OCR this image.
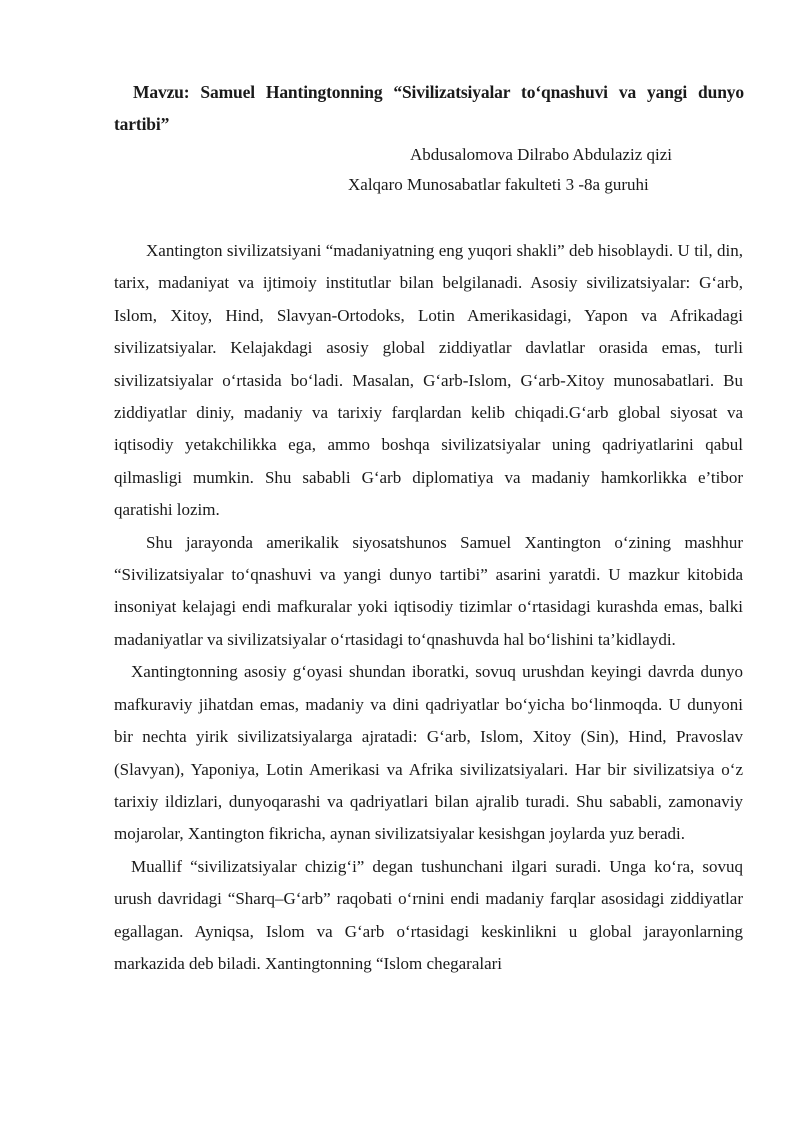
Mavzu: Samuel Hantingtonning “Sivilizatsiyalar to‘qnashuvi va yangi dunyo tartibi”
Abdusalomova Dilrabo Abdulaziz qizi
Xalqaro Munosabatlar fakulteti 3 -8a guruhi

Xantington sivilizatsiyani “madaniyatning eng yuqori shakli” deb hisoblaydi. U til, din, tarix, madaniyat va ijtimoiy institutlar bilan belgilanadi. Asosiy sivilizatsiyalar: G‘arb, Islom, Xitoy, Hind, Slavyan-Ortodoks, Lotin Amerikasidagi, Yapon va Afrikadagi sivilizatsiyalar. Kelajakdagi asosiy global ziddiyatlar davlatlar orasida emas, turli sivilizatsiyalar o‘rtasida bo‘ladi. Masalan, G‘arb-Islom, G‘arb-Xitoy munosabatlari. Bu ziddiyatlar diniy, madaniy va tarixiy farqlardan kelib chiqadi.G‘arb global siyosat va iqtisodiy yetakchilikka ega, ammo boshqa sivilizatsiyalar uning qadriyatlarini qabul qilmasligi mumkin. Shu sababli G‘arb diplomatiya va madaniy hamkorlikka e’tibor qaratishi lozim.

Shu jarayonda amerikalik siyosatshunos Samuel Xantington o‘zining mashhur “Sivilizatsiyalar to‘qnashuvi va yangi dunyo tartibi” asarini yaratdi. U mazkur kitobida insoniyat kelajagi endi mafkuralar yoki iqtisodiy tizimlar o‘rtasidagi kurashda emas, balki madaniyatlar va sivilizatsiyalar o‘rtasidagi to‘qnashuvda hal bo‘lishini ta’kidlaydi.

Xantingtonning asosiy g‘oyasi shundan iboratki, sovuq urushdan keyingi davrda dunyo mafkuraviy jihatdan emas, madaniy va dini qadriyatlar bo‘yicha bo‘linmoqda. U dunyoni bir nechta yirik sivilizatsiyalarga ajratadi: G‘arb, Islom, Xitoy (Sin), Hind, Pravoslav (Slavyan), Yaponiya, Lotin Amerikasi va Afrika sivilizatsiyalari. Har bir sivilizatsiya o‘z tarixiy ildizlari, dunyoqarashi va qadriyatlari bilan ajralib turadi. Shu sababli, zamonaviy mojarolar, Xantington fikricha, aynan sivilizatsiyalar kesishgan joylarda yuz beradi.

Muallif “sivilizatsiyalar chizig‘i” degan tushunchani ilgari suradi. Unga ko‘ra, sovuq urush davridagi “Sharq–G‘arb” raqobati o‘rnini endi madaniy farqlar asosidagi ziddiyatlar egallagan. Ayniqsa, Islom va G‘arb o‘rtasidagi keskinlikni u global jarayonlarning markazida deb biladi. Xantingtonning “Islom chegaralari
